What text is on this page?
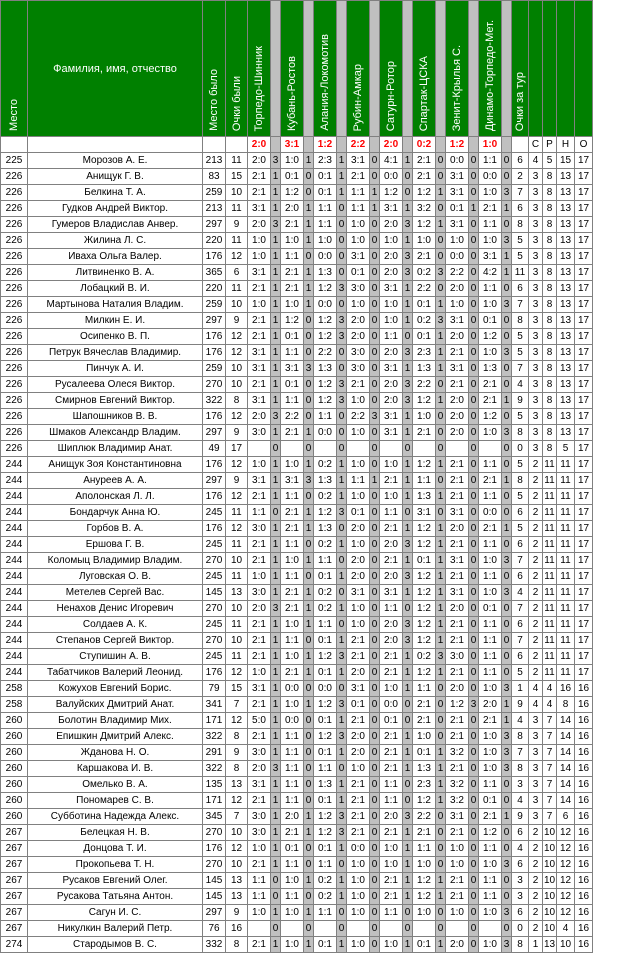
Место	Фамилия, имя, отчество	Место было	Очки были	Торпедо-Шинник		Кубань-Ростов		Алания-Локомотив		Рубин-Амкар		Сатурн-Ротор		Спартак-ЦСКА		Зенит-Крылья С.		Динамо-Торпедо-Мет.		Очки за тур				
				2:0		3:1		1:2		2:2		2:0		0:2		1:2		1:0			С	Р	Н	О
225	Морозов А. Е.	213	11	2:0	3	1:0	1	2:3	1	3:1	0	4:1	1	2:1	0	0:0	0	1:1	0	6	4	5	15	17
226	Анищук Г. В.	83	15	2:1	1	0:1	0	0:1	1	2:1	0	0:0	0	2:1	0	3:1	0	0:0	0	2	3	8	13	17
226	Белкина Т. А.	259	10	2:1	1	1:2	0	0:1	1	1:1	1	1:2	0	1:2	1	3:1	0	1:0	3	7	3	8	13	17
226	Гудков Андрей Виктор.	213	11	3:1	1	2:0	1	1:1	0	1:1	1	3:1	1	3:2	0	0:1	1	2:1	1	6	3	8	13	17
226	Гумеров Владислав Анвер.	297	9	2:0	3	2:1	1	1:1	0	1:0	0	2:0	3	1:2	1	3:1	0	1:1	0	8	3	8	13	17
226	Жилина Л. С.	220	11	1:0	1	1:0	1	1:0	0	1:0	0	1:0	1	1:0	0	1:0	0	1:0	3	5	3	8	13	17
226	Иваха Ольга Валер.	176	12	1:0	1	1:1	0	0:0	0	3:1	0	2:0	3	2:1	0	0:0	0	3:1	1	5	3	8	13	17
226	Литвиненко В. А.	365	6	3:1	1	2:1	1	1:3	0	0:1	0	2:0	3	0:2	3	2:2	0	4:2	1	11	3	8	13	17
226	Лобацкий В. И.	220	11	2:1	1	2:1	1	1:2	3	3:0	0	3:1	1	2:2	0	2:0	0	1:1	0	6	3	8	13	17
226	Мартынова Наталия Владим.	259	10	1:0	1	1:0	1	0:0	0	1:0	0	1:0	1	0:1	1	1:0	0	1:0	3	7	3	8	13	17
226	Милкин Е. И.	297	9	2:1	1	1:2	0	1:2	3	2:0	0	1:0	1	0:2	3	3:1	0	0:1	0	8	3	8	13	17
226	Осипенко В. П.	176	12	2:1	1	0:1	0	1:2	3	2:0	0	1:1	0	0:1	1	2:0	0	1:2	0	5	3	8	13	17
226	Петрук Вячеслав Владимир.	176	12	3:1	1	1:1	0	2:2	0	3:0	0	2:0	3	2:3	1	2:1	0	1:0	3	5	3	8	13	17
226	Пинчук А. И.	259	10	3:1	1	3:1	3	1:3	0	3:0	0	3:1	1	1:3	1	3:1	0	1:3	0	7	3	8	13	17
226	Русалеева Олеся Виктор.	270	10	2:1	1	0:1	0	1:2	3	2:1	0	2:0	3	2:2	0	2:1	0	2:1	0	4	3	8	13	17
226	Смирнов Евгений Виктор.	322	8	3:1	1	1:1	0	1:2	3	1:0	0	2:0	3	1:2	1	2:0	0	2:1	1	9	3	8	13	17
226	Шапошников В. В.	176	12	2:0	3	2:2	0	1:1	0	2:2	3	3:1	1	1:0	0	2:0	0	1:2	0	5	3	8	13	17
226	Шмаков Александр Владим.	297	9	3:0	1	2:1	1	0:0	0	1:0	0	3:1	1	2:1	0	2:0	0	1:0	3	8	3	8	13	17
226	Шиплюк Владимир Анат.	49	17		0		0		0		0		0		0		0		0	0	3	8	5	17
244	Анищук Зоя Константиновна	176	12	1:0	1	1:0	1	0:2	1	1:0	0	1:0	1	1:2	1	2:1	0	1:1	0	5	2	11	11	17
244	Ануреев А. А.	297	9	3:1	1	3:1	3	1:3	1	1:1	1	2:1	1	1:1	0	2:1	0	2:1	1	8	2	11	11	17
244	Аполонская Л. Л.	176	12	2:1	1	1:1	0	0:2	1	1:0	0	1:0	1	1:3	1	2:1	0	1:1	0	5	2	11	11	17
244	Бондарчук Анна Ю.	245	11	1:1	0	2:1	1	1:2	3	0:1	0	1:1	0	3:1	0	3:1	0	0:0	0	6	2	11	11	17
244	Горбов В. А.	176	12	3:0	1	2:1	1	1:3	0	2:0	0	2:1	1	1:2	1	2:0	0	2:1	1	5	2	11	11	17
244	Ершова Г. В.	245	11	2:1	1	1:1	0	0:2	1	1:0	0	2:0	3	1:2	1	2:1	0	1:1	0	6	2	11	11	17
244	Коломыц Владимир Владим.	270	10	2:1	1	1:0	1	1:1	0	2:0	0	2:1	1	0:1	1	3:1	0	1:0	3	7	2	11	11	17
244	Луговская О. В.	245	11	1:0	1	1:1	0	0:1	1	2:0	0	2:0	3	1:2	1	2:1	0	1:1	0	6	2	11	11	17
244	Метелев Сергей Вас.	145	13	3:0	1	2:1	1	0:2	0	3:1	0	3:1	1	1:2	1	3:1	0	1:0	3	4	2	11	11	17
244	Ненахов Денис Игоревич	270	10	2:0	3	2:1	1	0:2	1	1:0	0	1:1	0	1:2	1	2:0	0	0:1	0	7	2	11	11	17
244	Солдаев А. К.	245	11	2:1	1	1:0	1	1:1	0	1:0	0	2:0	3	1:2	1	2:1	0	1:1	0	6	2	11	11	17
244	Степанов Сергей Виктор.	270	10	2:1	1	1:1	0	0:1	1	2:1	0	2:0	3	1:2	1	2:1	0	1:1	0	7	2	11	11	17
244	Ступишин А. В.	245	11	2:1	1	1:0	1	1:2	3	2:1	0	2:1	1	0:2	3	3:0	0	1:1	0	6	2	11	11	17
244	Табатчиков Валерий Леонид.	176	12	1:0	1	2:1	1	0:1	1	2:0	0	2:1	1	1:2	1	2:1	0	1:1	0	5	2	11	11	17
258	Кожухов Евгений Борис.	79	15	3:1	1	0:0	0	0:0	0	3:1	0	1:0	1	1:1	0	2:0	0	1:0	3	1	4	4	16	16
258	Валуйских Дмитрий Анат.	341	7	2:1	1	1:0	1	1:2	3	0:1	0	0:0	0	2:1	0	1:2	3	2:0	1	9	4	4	8	16
260	Болотин Владимир Мих.	171	12	5:0	1	0:0	0	0:1	1	2:1	0	0:1	0	2:1	0	2:1	0	2:1	1	4	3	7	14	16
260	Епишкин Дмитрий Алекс.	322	8	2:1	1	1:1	0	1:2	3	2:0	0	2:1	1	1:0	0	2:1	0	1:0	3	8	3	7	14	16
260	Жданова Н. О.	291	9	3:0	1	1:1	0	0:1	1	2:0	0	2:1	1	0:1	1	3:2	0	1:0	3	7	3	7	14	16
260	Каршакова И. В.	322	8	2:0	3	1:1	0	1:1	0	1:0	0	2:1	1	1:3	1	2:1	0	1:0	3	8	3	7	14	16
260	Омелько В. А.	135	13	3:1	1	1:1	0	1:3	1	2:1	0	1:1	0	2:3	1	3:2	0	1:1	0	3	3	7	14	16
260	Пономарев С. В.	171	12	2:1	1	1:1	0	0:1	1	2:1	0	1:1	0	1:2	1	3:2	0	0:1	0	4	3	7	14	16
260	Субботина Надежда Алекс.	345	7	3:0	1	2:0	1	1:2	3	2:1	0	2:0	3	2:2	0	3:1	0	2:1	1	9	3	7	6	16
267	Белецкая Н. В.	270	10	3:0	1	2:1	1	1:2	3	2:1	0	2:1	1	2:1	0	2:1	0	1:2	0	6	2	10	12	16
267	Донцова Т. И.	176	12	1:0	1	0:1	0	0:1	1	0:0	0	1:0	1	1:1	0	1:0	0	1:1	0	4	2	10	12	16
267	Прокопьева Т. Н.	270	10	2:1	1	1:1	0	1:1	0	1:0	0	1:0	1	1:0	0	1:0	0	1:0	3	6	2	10	12	16
267	Русаков Евгений Олег.	145	13	1:1	0	1:0	1	0:2	1	1:0	0	2:1	1	1:2	1	2:1	0	1:1	0	3	2	10	12	16
267	Русакова Татьяна Антон.	145	13	1:1	0	1:1	0	0:2	1	1:0	0	2:1	1	1:2	1	2:1	0	1:1	0	3	2	10	12	16
267	Сагун И. С.	297	9	1:0	1	1:0	1	1:1	0	1:0	0	1:1	0	1:0	0	1:0	0	1:0	3	6	2	10	12	16
267	Никулкин Валерий Петр.	76	16		0		0		0		0		0		0		0		0	0	2	10	4	16
274	Стародымов В. С.	332	8	2:1	1	1:0	1	0:1	1	1:0	0	1:0	1	0:1	1	2:0	0	1:0	3	8	1	13	10	16
